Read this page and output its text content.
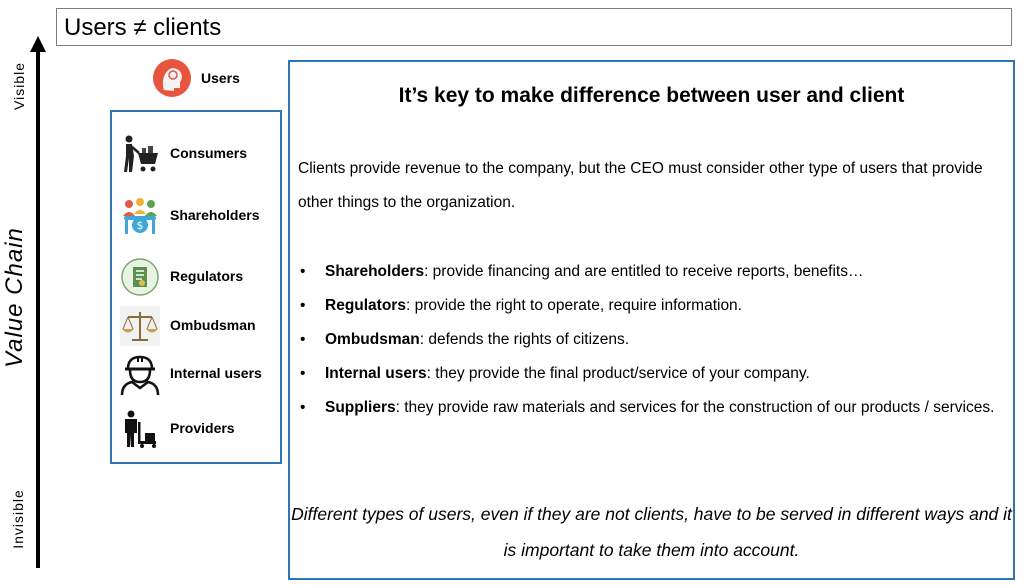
Users ≠ clients
Visible
Value Chain
Invisible
Users
Consumers
$
Shareholders
Regulators
Ombudsman
Internal users
Providers
It’s key to make difference between user and client
Clients provide revenue to the company, but the CEO must consider other type of users that provide other things to the organization.
• Shareholders: provide financing and are entitled to receive reports, benefits…
• Regulators: provide the right to operate, require information.
• Ombudsman: defends the rights of citizens.
• Internal users: they provide the final product/service of your company.
• Suppliers: they provide raw materials and services for the construction of our products / services.
Different types of users, even if they are not clients, have to be served in different ways and it is important to take them into account.
